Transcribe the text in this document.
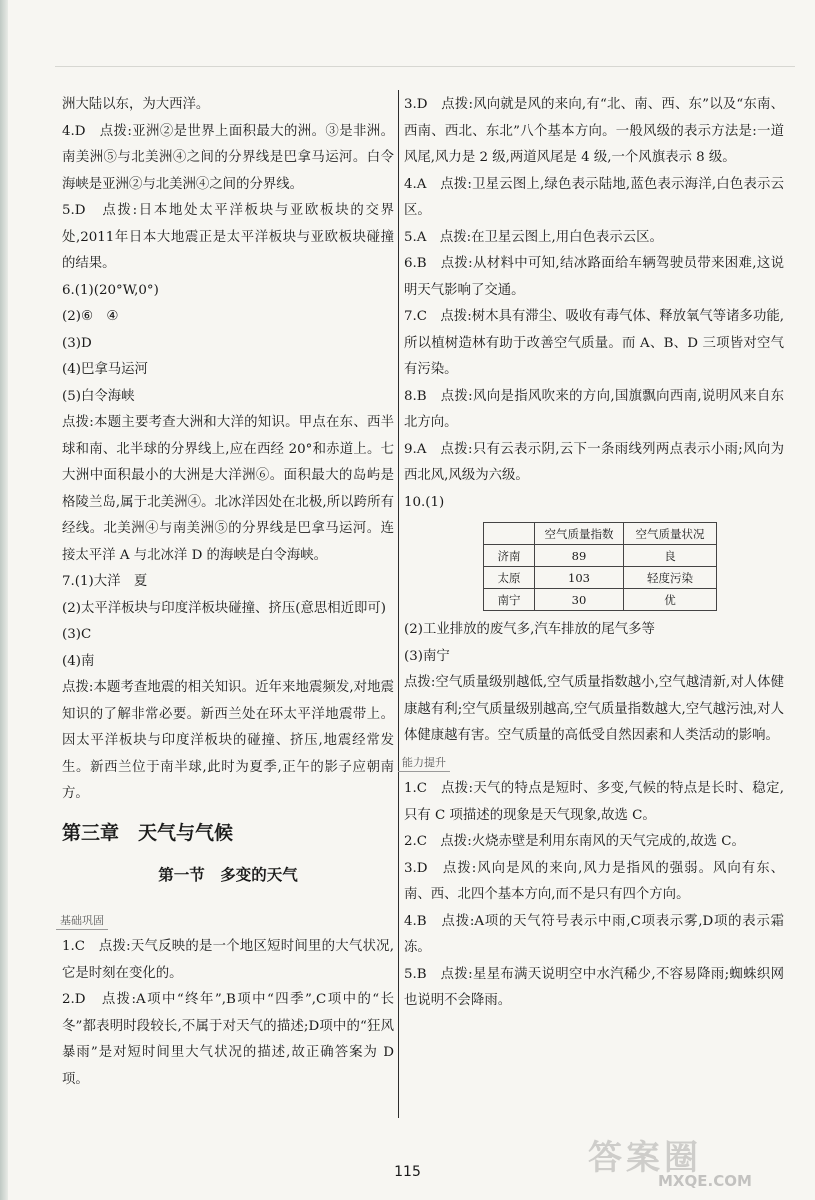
洲大陆以东，为大西洋。

4.D　点拨:亚洲②是世界上面积最大的洲。③是非洲。南美洲⑤与北美洲④之间的分界线是巴拿马运河。白令海峡是亚洲②与北美洲④之间的分界线。

5.D　点拨:日本地处太平洋板块与亚欧板块的交界处,2011年日本大地震正是太平洋板块与亚欧板块碰撞的结果。

6.(1)(20°W,0°)

(2)⑥　④

(3)D

(4)巴拿马运河

(5)白令海峡

点拨:本题主要考查大洲和大洋的知识。甲点在东、西半球和南、北半球的分界线上,应在西经 20°和赤道上。七大洲中面积最小的大洲是大洋洲⑥。面积最大的岛屿是格陵兰岛,属于北美洲④。北冰洋因处在北极,所以跨所有经线。北美洲④与南美洲⑤的分界线是巴拿马运河。连接太平洋 A 与北冰洋 D 的海峡是白令海峡。

7.(1)大洋　夏

(2)太平洋板块与印度洋板块碰撞、挤压(意思相近即可)

(3)C

(4)南

点拨:本题考查地震的相关知识。近年来地震频发,对地震知识的了解非常必要。新西兰处在环太平洋地震带上。因太平洋板块与印度洋板块的碰撞、挤压,地震经常发生。新西兰位于南半球,此时为夏季,正午的影子应朝南方。

第三章　天气与气候
第一节　多变的天气
基础巩固

1.C　点拨:天气反映的是一个地区短时间里的大气状况,它是时刻在变化的。

2.D　点拨:A项中“终年”,B项中“四季”,C项中的“长冬”都表明时段较长,不属于对天气的描述;D项中的“狂风暴雨”是对短时间里大气状况的描述,故正确答案为 D项。

3.D　点拨:风向就是风的来向,有“北、南、西、东”以及“东南、西南、西北、东北”八个基本方向。一般风级的表示方法是:一道风尾,风力是 2 级,两道风尾是 4 级,一个风旗表示 8 级。

4.A　点拨:卫星云图上,绿色表示陆地,蓝色表示海洋,白色表示云区。

5.A　点拨:在卫星云图上,用白色表示云区。

6.B　点拨:从材料中可知,结冰路面给车辆驾驶员带来困难,这说明天气影响了交通。

7.C　点拨:树木具有滞尘、吸收有毒气体、释放氧气等诸多功能,所以植树造林有助于改善空气质量。而 A、B、D 三项皆对空气有污染。

8.B　点拨:风向是指风吹来的方向,国旗飘向西南,说明风来自东北方向。

9.A　点拨:只有云表示阴,云下一条雨线列两点表示小雨;风向为西北风,风级为六级。

10.(1)

	空气质量指数	空气质量状况
济南	89	良
太原	103	轻度污染
南宁	30	优

(2)工业排放的废气多,汽车排放的尾气多等

(3)南宁

点拨:空气质量级别越低,空气质量指数越小,空气越清新,对人体健康越有利;空气质量级别越高,空气质量指数越大,空气越污浊,对人体健康越有害。空气质量的高低受自然因素和人类活动的影响。

能力提升

1.C　点拨:天气的特点是短时、多变,气候的特点是长时、稳定,只有 C 项描述的现象是天气现象,故选 C。

2.C　点拨:火烧赤壁是利用东南风的天气完成的,故选 C。

3.D　点拨:风向是风的来向,风力是指风的强弱。风向有东、南、西、北四个基本方向,而不是只有四个方向。

4.B　点拨:A项的天气符号表示中雨,C项表示雾,D项的表示霜冻。

5.B　点拨:星星布满天说明空中水汽稀少,不容易降雨;蜘蛛织网也说明不会降雨。

115	答案圈
MXQE.COM
